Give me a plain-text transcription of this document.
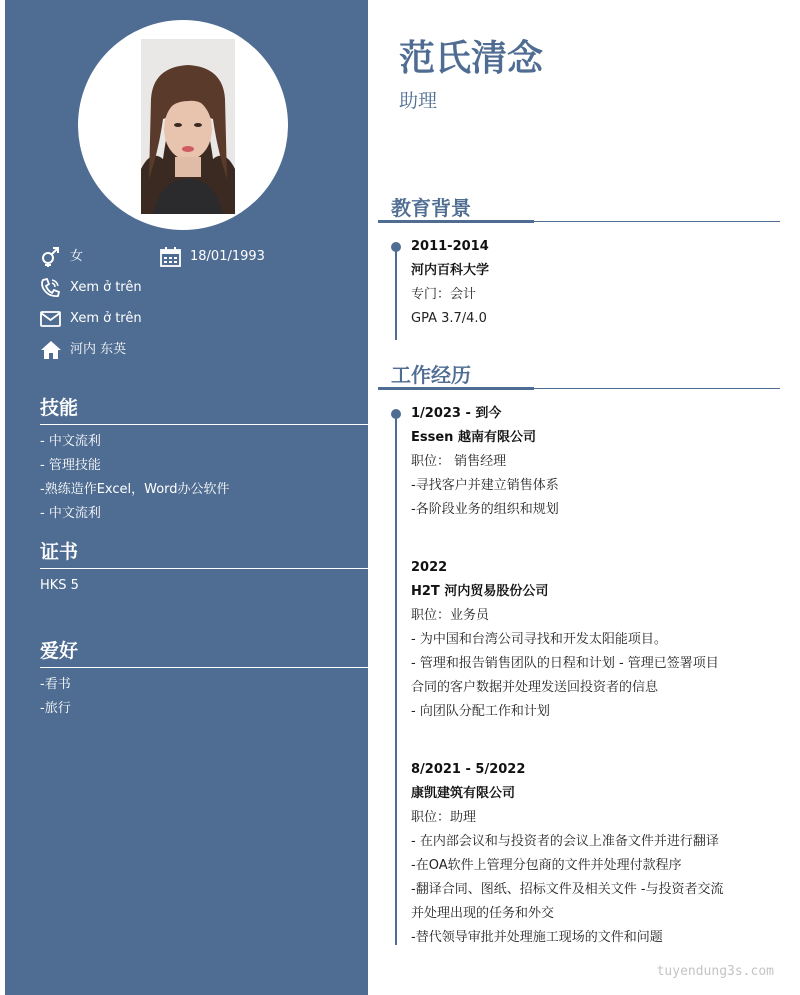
女	18/01/1993
Xem ở trên
Xem ở trên
河内 东英
技能
- 中文流利
- 管理技能
-熟练造作Excel，Word办公软件
- 中文流利
证书
HKS 5
爱好
-看书
-旅行
范氏清念
助理
教育背景
2011-2014
河内百科大学
专门：会计
GPA 3.7/4.0
工作经历
1/2023 - 到今
Essen 越南有限公司
职位： 销售经理
-寻找客户并建立销售体系
-各阶段业务的组织和规划
2022
H2T 河内贸易股份公司
职位：业务员
- 为中国和台湾公司寻找和开发太阳能项目。
- 管理和报告销售团队的日程和计划 - 管理已签署项目
合同的客户数据并处理发送回投资者的信息
- 向团队分配工作和计划
8/2021 - 5/2022
康凯建筑有限公司
职位：助理
- 在内部会议和与投资者的会议上准备文件并进行翻译
-在OA软件上管理分包商的文件并处理付款程序
-翻译合同、图纸、招标文件及相关文件 -与投资者交流
并处理出现的任务和外交
-替代领导审批并处理施工现场的文件和问题
tuyendung3s.com
